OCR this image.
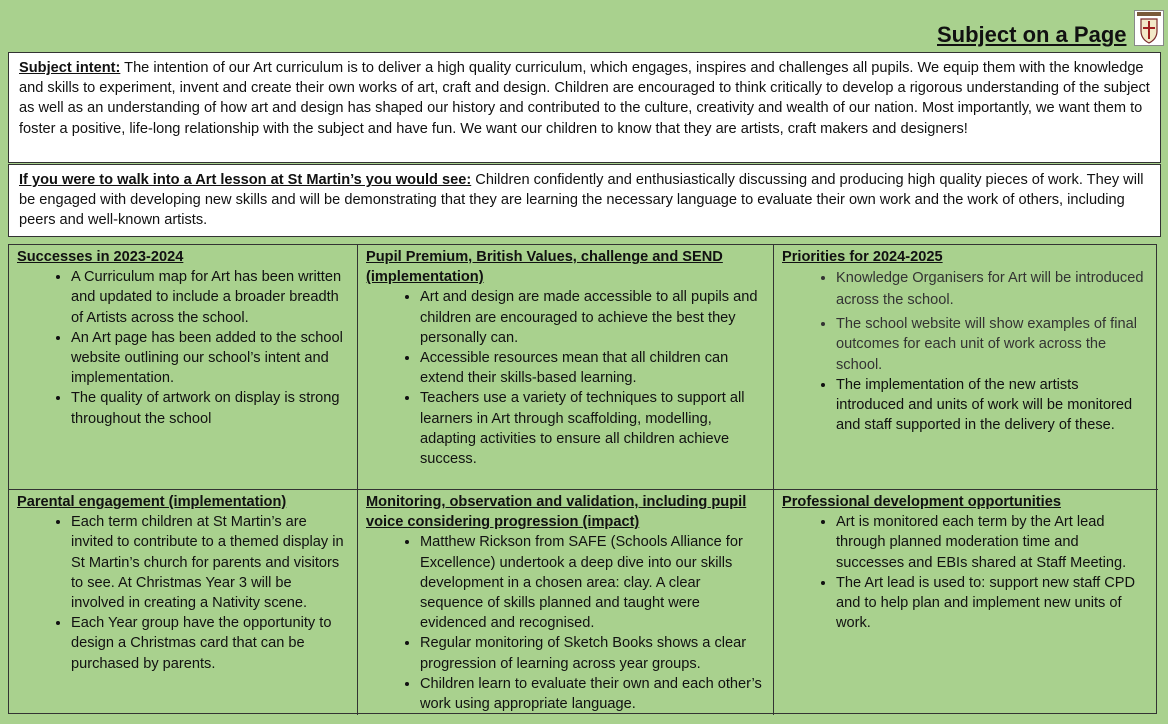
Subject on a Page
Subject intent: The intention of our Art curriculum is to deliver a high quality curriculum, which engages, inspires and challenges all pupils. We equip them with the knowledge and skills to experiment, invent and create their own works of art, craft and design. Children are encouraged to think critically to develop a rigorous understanding of the subject as well as an understanding of how art and design has shaped our history and contributed to the culture, creativity and wealth of our nation. Most importantly, we want them to foster a positive, life-long relationship with the subject and have fun. We want our children to know that they are artists, craft makers and designers!
If you were to walk into a Art lesson at St Martin’s you would see: Children confidently and enthusiastically discussing and producing high quality pieces of work. They will be engaged with developing new skills and will be demonstrating that they are learning the necessary language to evaluate their own work and the work of others, including peers and well-known artists.
Successes in 2023-2024
• A Curriculum map for Art has been written and updated to include a broader breadth of Artists across the school.
• An Art page has been added to the school website outlining our school’s intent and implementation.
• The quality of artwork on display is strong throughout the school
Pupil Premium, British Values, challenge and SEND (implementation)
• Art and design are made accessible to all pupils and children are encouraged to achieve the best they personally can.
• Accessible resources mean that all children can extend their skills-based learning.
• Teachers use a variety of techniques to support all learners in Art through scaffolding, modelling, adapting activities to ensure all children achieve success.
Priorities for 2024-2025
• Knowledge Organisers for Art will be introduced across the school.
• The school website will show examples of final outcomes for each unit of work across the school.
• The implementation of the new artists introduced and units of work will be monitored and staff supported in the delivery of these.
Parental engagement (implementation)
• Each term children at St Martin’s are invited to contribute to a themed display in St Martin’s church for parents and visitors to see. At Christmas Year 3 will be involved in creating a Nativity scene.
• Each Year group have the opportunity to design a Christmas card that can be purchased by parents.
Monitoring, observation and validation, including pupil voice considering progression (impact)
• Matthew Rickson from SAFE (Schools Alliance for Excellence) undertook a deep dive into our skills development in a chosen area: clay. A clear sequence of skills planned and taught were evidenced and recognised.
• Regular monitoring of Sketch Books shows a clear progression of learning across year groups.
• Children learn to evaluate their own and each other’s work using appropriate language.
Professional development opportunities
• Art is monitored each term by the Art lead through planned moderation time and successes and EBIs shared at Staff Meeting.
• The Art lead is used to: support new staff CPD and to help plan and implement new units of work.
